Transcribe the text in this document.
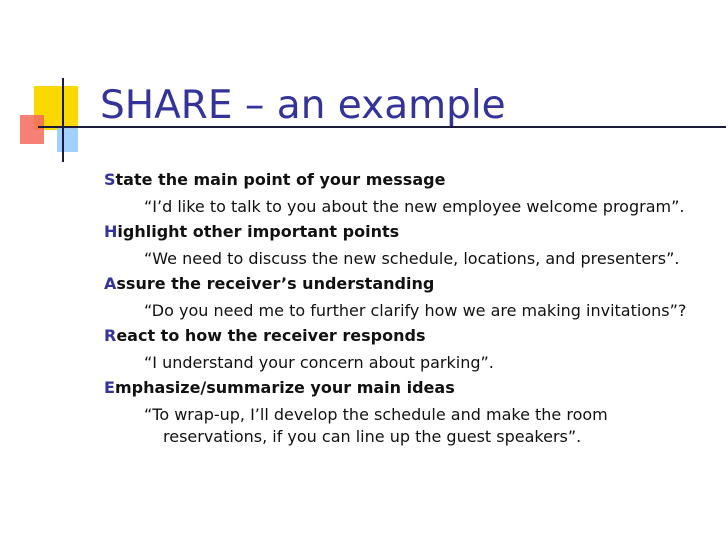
SHARE – an example

State the main point of your message

“I’d like to talk to you about the new employee welcome program”.

Highlight other important points

“We need to discuss the new schedule, locations, and presenters”.

Assure the receiver’s understanding

“Do you need me to further clarify how we are making invitations”?

React to how the receiver responds

“I understand your concern about parking”.

Emphasize/summarize your main ideas

“To wrap-up, I’ll develop the schedule and make the room
reservations, if you can line up the guest speakers”.
